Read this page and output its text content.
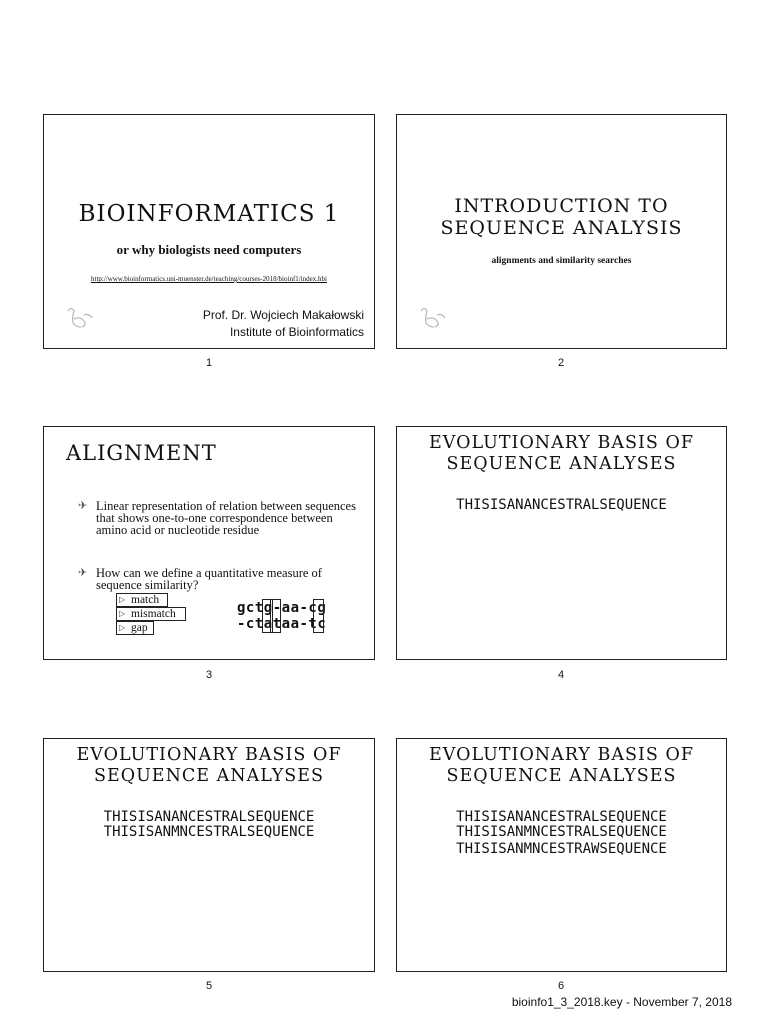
BIOINFORMATICS 1
or why biologists need computers
http://www.bioinformatics.uni-muenster.de/teaching/courses-2018/bioinf1/index.hbi
Prof. Dr. Wojciech Makałowski
Institute of Bioinformatics
1
INTRODUCTION TO
SEQUENCE ANALYSIS
alignments and similarity searches
2
ALIGNMENT
✈ Linear representation of relation between sequences that shows one-to-one correspondence between amino acid or nucleotide residue
✈ How can we define a quantitative measure of sequence similarity?
▷ match
▷ mismatch
▷ gap
gctg-aa-cg
-ctataa-tc
3
EVOLUTIONARY BASIS OF
SEQUENCE ANALYSES
THISISANANCESTRALSEQUENCE
4
EVOLUTIONARY BASIS OF
SEQUENCE ANALYSES
THISISANANCESTRALSEQUENCE
THISISANMNCESTRALSEQUENCE
5
EVOLUTIONARY BASIS OF
SEQUENCE ANALYSES
THISISANANCESTRALSEQUENCE
THISISANMNCESTRALSEQUENCE
THISISANMNCESTRAWSEQUENCE
6
bioinfo1_3_2018.key - November 7, 2018
